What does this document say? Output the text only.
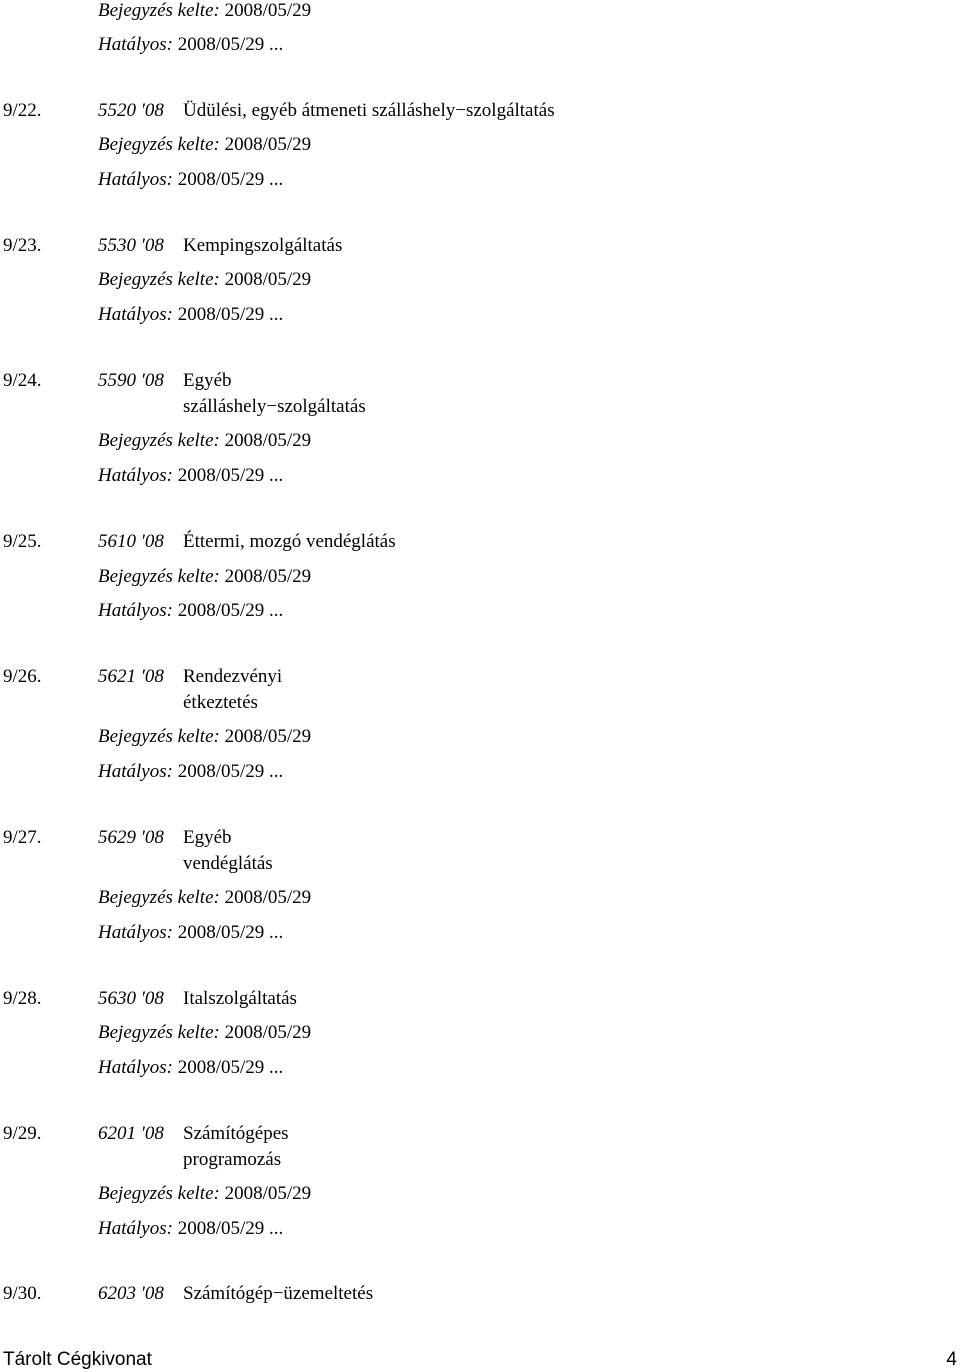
Bejegyzés kelte: 2008/05/29
Hatályos: 2008/05/29 ...
9/22.	5520 '08 Üdülési, egyéb átmeneti szálláshely−szolgáltatás
Bejegyzés kelte: 2008/05/29
Hatályos: 2008/05/29 ...
9/23.	5530 '08 Kempingszolgáltatás
Bejegyzés kelte: 2008/05/29
Hatályos: 2008/05/29 ...
9/24.	5590 '08 Egyéb
szálláshely−szolgáltatás
Bejegyzés kelte: 2008/05/29
Hatályos: 2008/05/29 ...
9/25.	5610 '08 Éttermi, mozgó vendéglátás
Bejegyzés kelte: 2008/05/29
Hatályos: 2008/05/29 ...
9/26.	5621 '08 Rendezvényi
étkeztetés
Bejegyzés kelte: 2008/05/29
Hatályos: 2008/05/29 ...
9/27.	5629 '08 Egyéb
vendéglátás
Bejegyzés kelte: 2008/05/29
Hatályos: 2008/05/29 ...
9/28.	5630 '08 Italszolgáltatás
Bejegyzés kelte: 2008/05/29
Hatályos: 2008/05/29 ...
9/29.	6201 '08 Számítógépes
programozás
Bejegyzés kelte: 2008/05/29
Hatályos: 2008/05/29 ...
9/30.	6203 '08 Számítógép−üzemeltetés
Tárolt Cégkivonat	4
